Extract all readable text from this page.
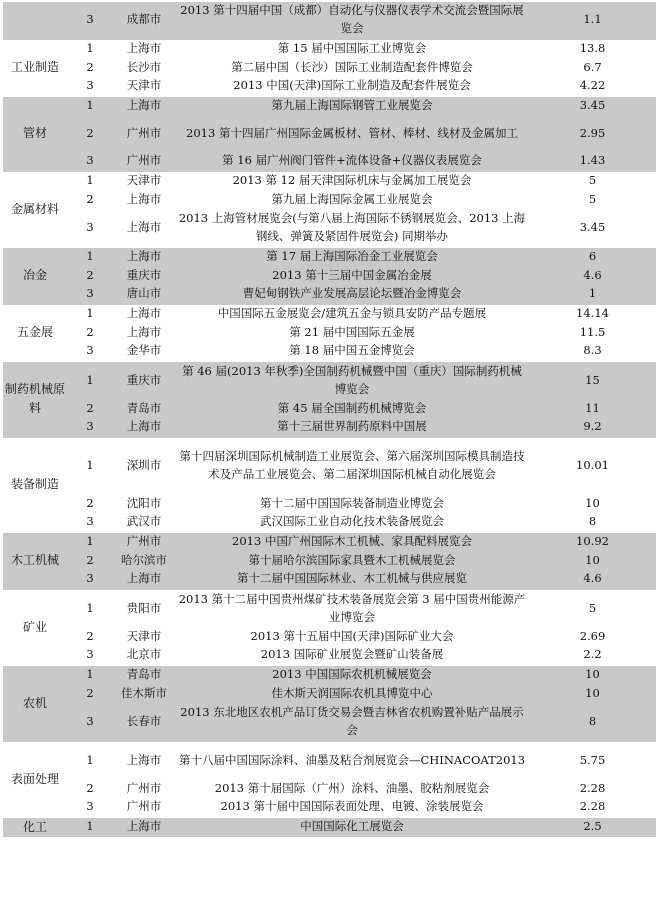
	3	成都市	2013 第十四届中国（成都）自动化与仪器仪表学术交流会暨国际展览会	1.1
工业制造	1	上海市	第 15 届中国国际工业博览会	13.8
	2	长沙市	第二届中国（长沙）国际工业制造配套件博览会	6.7
	3	天津市	2013 中国(天津)国际工业制造及配套件展览会	4.22
管材	1	上海市	第九届上海国际钢管工业展览会	3.45
	2	广州市	2013 第十四届广州国际金属板材、管材、棒材、线材及金属加工	2.95
	3	广州市	第 16 届广州阀门管件+流体设备+仪器仪表展览会	1.43
金属材料	1	天津市	2013 第 12 届天津国际机床与金属加工展览会	5
	2	上海市	第九届上海国际金属工业展览会	5
	3	上海市	2013 上海管材展览会(与第八届上海国际不锈钢展览会、2013 上海钢线、弹簧及紧固件展览会) 同期举办	3.45
冶金	1	上海市	第 17 届上海国际冶金工业展览会	6
	2	重庆市	2013 第十三届中国金属冶金展	4.6
	3	唐山市	曹妃甸钢铁产业发展高层论坛暨冶金博览会	1
五金展	1	上海市	中国国际五金展览会/建筑五金与锁具安防产品专题展	14.14
	2	上海市	第 21 届中国国际五金展	11.5
	3	金华市	第 18 届中国五金博览会	8.3
制药机械原料	1	重庆市	第 46 届(2013 年秋季)全国制药机械暨中国（重庆）国际制药机械博览会	15
	2	青岛市	第 45 届全国制药机械博览会	11
	3	上海市	第十三届世界制药原料中国展	9.2
装备制造	1	深圳市	第十四届深圳国际机械制造工业展览会、第六届深圳国际模具制造技术及产品工业展览会、第二届深圳国际机械自动化展览会	10.01
	2	沈阳市	第十二届中国国际装备制造业博览会	10
	3	武汉市	武汉国际工业自动化技术装备展览会	8
木工机械	1	广州市	2013 中国广州国际木工机械、家具配料展览会	10.92
	2	哈尔滨市	第十届哈尔滨国际家具暨木工机械展览会	10
	3	上海市	第十二届中国国际林业、木工机械与供应展览	4.6
矿业	1	贵阳市	2013 第十二届中国贵州煤矿技术装备展览会第 3 届中国贵州能源产业博览会	5
	2	天津市	2013 第十五届中国(天津)国际矿业大会	2.69
	3	北京市	2013 国际矿业展览会暨矿山装备展	2.2
农机	1	青岛市	2013 中国国际农机机械展览会	10
	2	佳木斯市	佳木斯天润国际农机具博览中心	10
	3	长春市	2013 东北地区农机产品订货交易会暨吉林省农机购置补贴产品展示会	8
表面处理	1	上海市	第十八届中国国际涂料、油墨及粘合剂展览会—CHINACOAT2013	5.75
	2	广州市	2013 第十届国际（广州）涂料、油墨、胶粘剂展览会	2.28
	3	广州市	2013 第十届中国国际表面处理、电镀、涂装展览会	2.28
化工	1	上海市	中国国际化工展览会	2.5
